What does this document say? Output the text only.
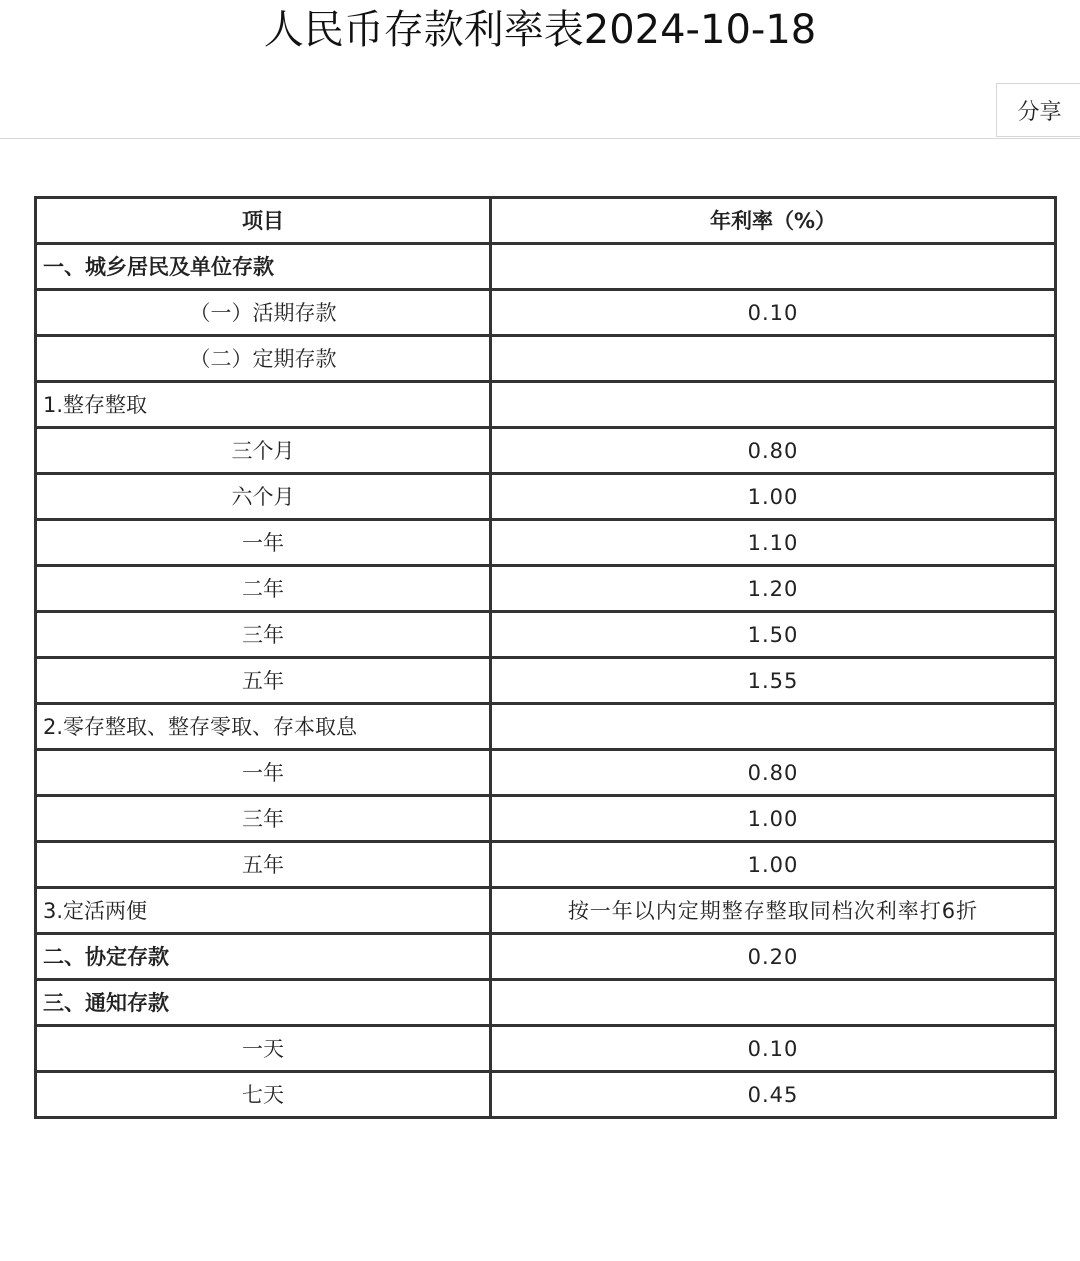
人民币存款利率表2024-10-18
分享
项目	年利率（%）
一、城乡居民及单位存款	
（一）活期存款	0.10
（二）定期存款	
1.整存整取	
三个月	0.80
六个月	1.00
一年	1.10
二年	1.20
三年	1.50
五年	1.55
2.零存整取、整存零取、存本取息	
一年	0.80
三年	1.00
五年	1.00
3.定活两便	按一年以内定期整存整取同档次利率打6折
二、协定存款	0.20
三、通知存款	
一天	0.10
七天	0.45
